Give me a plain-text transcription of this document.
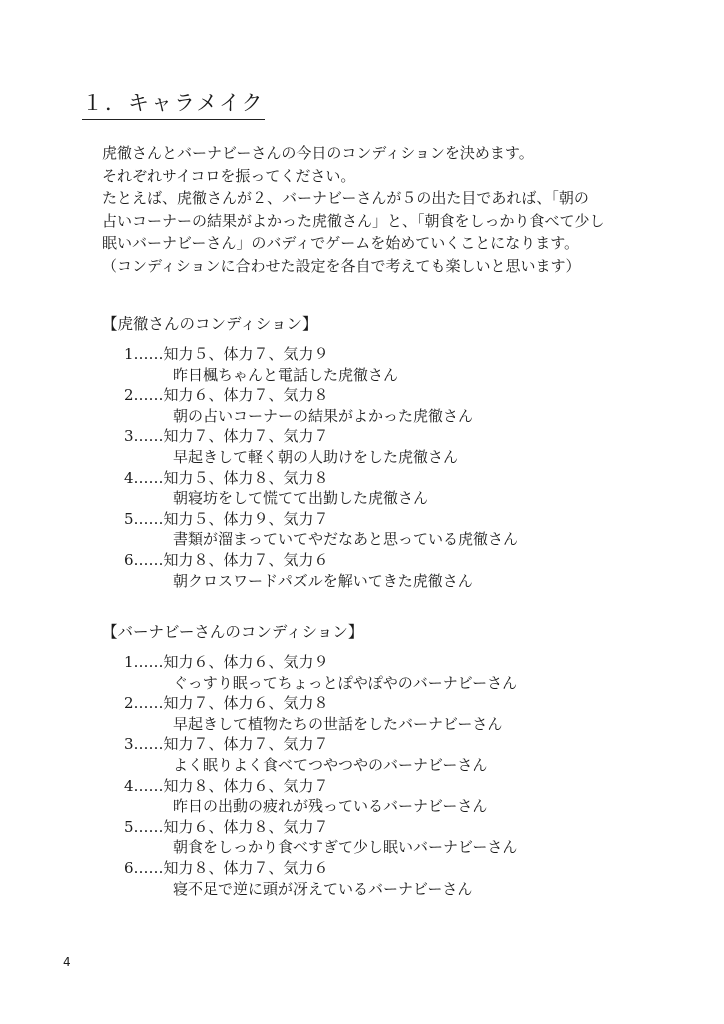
１．キャラメイク

虎徹さんとバーナビーさんの今日のコンディションを決めます。

それぞれサイコロを振ってください。

たとえば、虎徹さんが２、バーナビーさんが５の出た目であれば、「朝の

占いコーナーの結果がよかった虎徹さん」と、「朝食をしっかり食べて少し

眠いバーナビーさん」のバディでゲームを始めていくことになります。

（コンディションに合わせた設定を各自で考えても楽しいと思います）

【虎徹さんのコンディション】
1……知力５、体力７、気力９
昨日楓ちゃんと電話した虎徹さん
2……知力６、体力７、気力８
朝の占いコーナーの結果がよかった虎徹さん
3……知力７、体力７、気力７
早起きして軽く朝の人助けをした虎徹さん
4……知力５、体力８、気力８
朝寝坊をして慌てて出勤した虎徹さん
5……知力５、体力９、気力７
書類が溜まっていてやだなあと思っている虎徹さん
6……知力８、体力７、気力６
朝クロスワードパズルを解いてきた虎徹さん
【バーナビーさんのコンディション】
1……知力６、体力６、気力９
ぐっすり眠ってちょっとぽやぽやのバーナビーさん
2……知力７、体力６、気力８
早起きして植物たちの世話をしたバーナビーさん
3……知力７、体力７、気力７
よく眠りよく食べてつやつやのバーナビーさん
4……知力８、体力６、気力７
昨日の出動の疲れが残っているバーナビーさん
5……知力６、体力８、気力７
朝食をしっかり食べすぎて少し眠いバーナビーさん
6……知力８、体力７、気力６
寝不足で逆に頭が冴えているバーナビーさん
4
